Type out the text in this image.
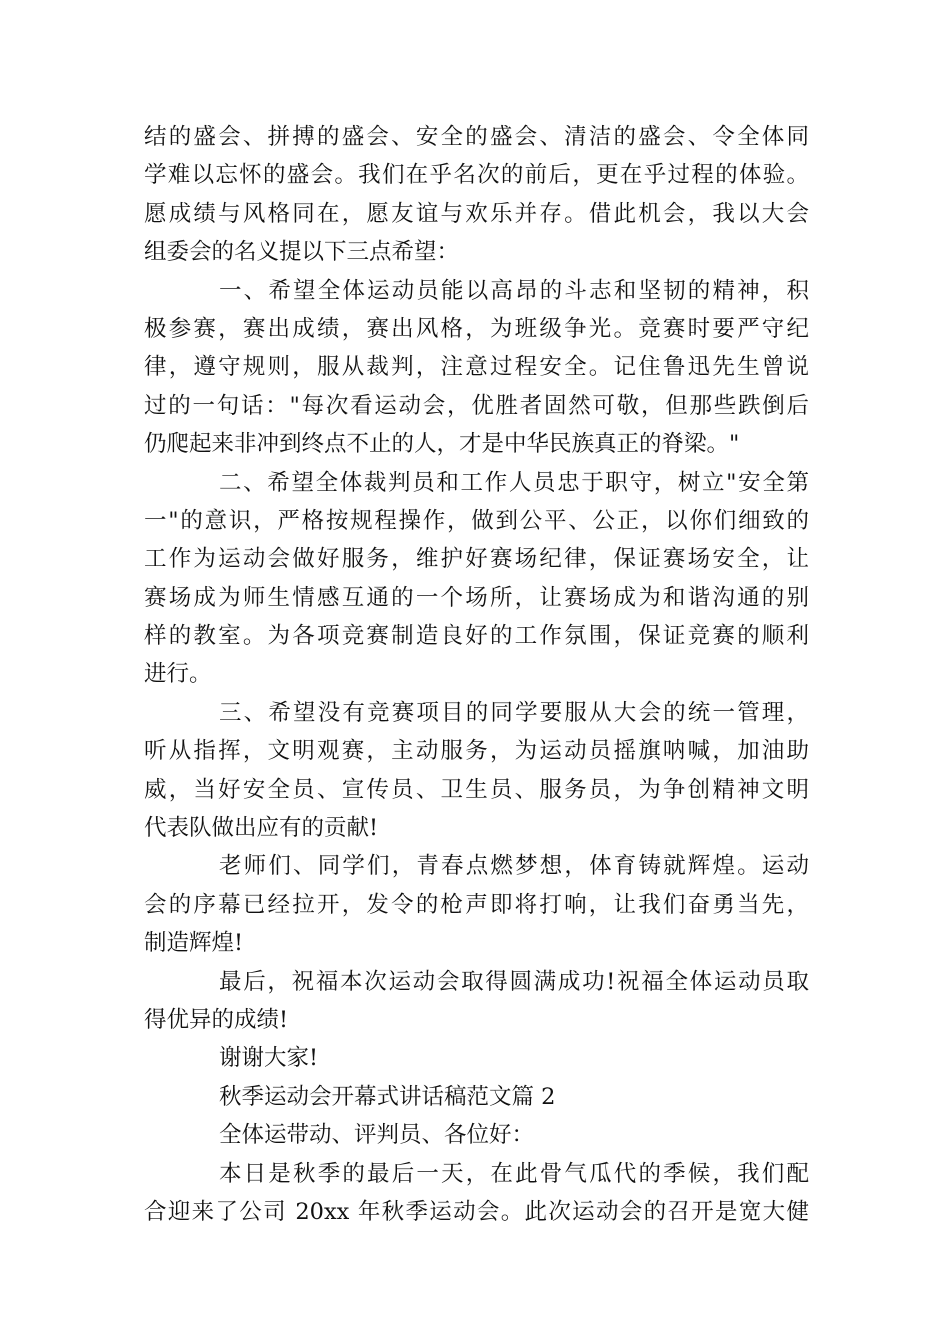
结的盛会、拼搏的盛会、安全的盛会、清洁的盛会、令全体同
学难以忘怀的盛会。我们在乎名次的前后，更在乎过程的体验。
愿成绩与风格同在，愿友谊与欢乐并存。借此机会，我以大会
组委会的名义提以下三点希望：
一、希望全体运动员能以高昂的斗志和坚韧的精神，积
极参赛，赛出成绩，赛出风格，为班级争光。竞赛时要严守纪
律，遵守规则，服从裁判，注意过程安全。记住鲁迅先生曾说
过的一句话："每次看运动会，优胜者固然可敬，但那些跌倒后
仍爬起来非冲到终点不止的人，才是中华民族真正的脊梁。"
二、希望全体裁判员和工作人员忠于职守，树立"安全第
一"的意识，严格按规程操作，做到公平、公正，以你们细致的
工作为运动会做好服务，维护好赛场纪律，保证赛场安全，让
赛场成为师生情感互通的一个场所，让赛场成为和谐沟通的别
样的教室。为各项竞赛制造良好的工作氛围，保证竞赛的顺利
进行。
三、希望没有竞赛项目的同学要服从大会的统一管理，
听从指挥，文明观赛，主动服务，为运动员摇旗呐喊，加油助
威，当好安全员、宣传员、卫生员、服务员，为争创精神文明
代表队做出应有的贡献!
老师们、同学们，青春点燃梦想，体育铸就辉煌。运动
会的序幕已经拉开，发令的枪声即将打响，让我们奋勇当先，
制造辉煌!
最后，祝福本次运动会取得圆满成功!祝福全体运动员取
得优异的成绩!
谢谢大家!
秋季运动会开幕式讲话稿范文篇 2
全体运带动、评判员、各位好：
本日是秋季的最后一天，在此骨气瓜代的季候，我们配
合迎来了公司 20xx 年秋季运动会。此次运动会的召开是宽大健
